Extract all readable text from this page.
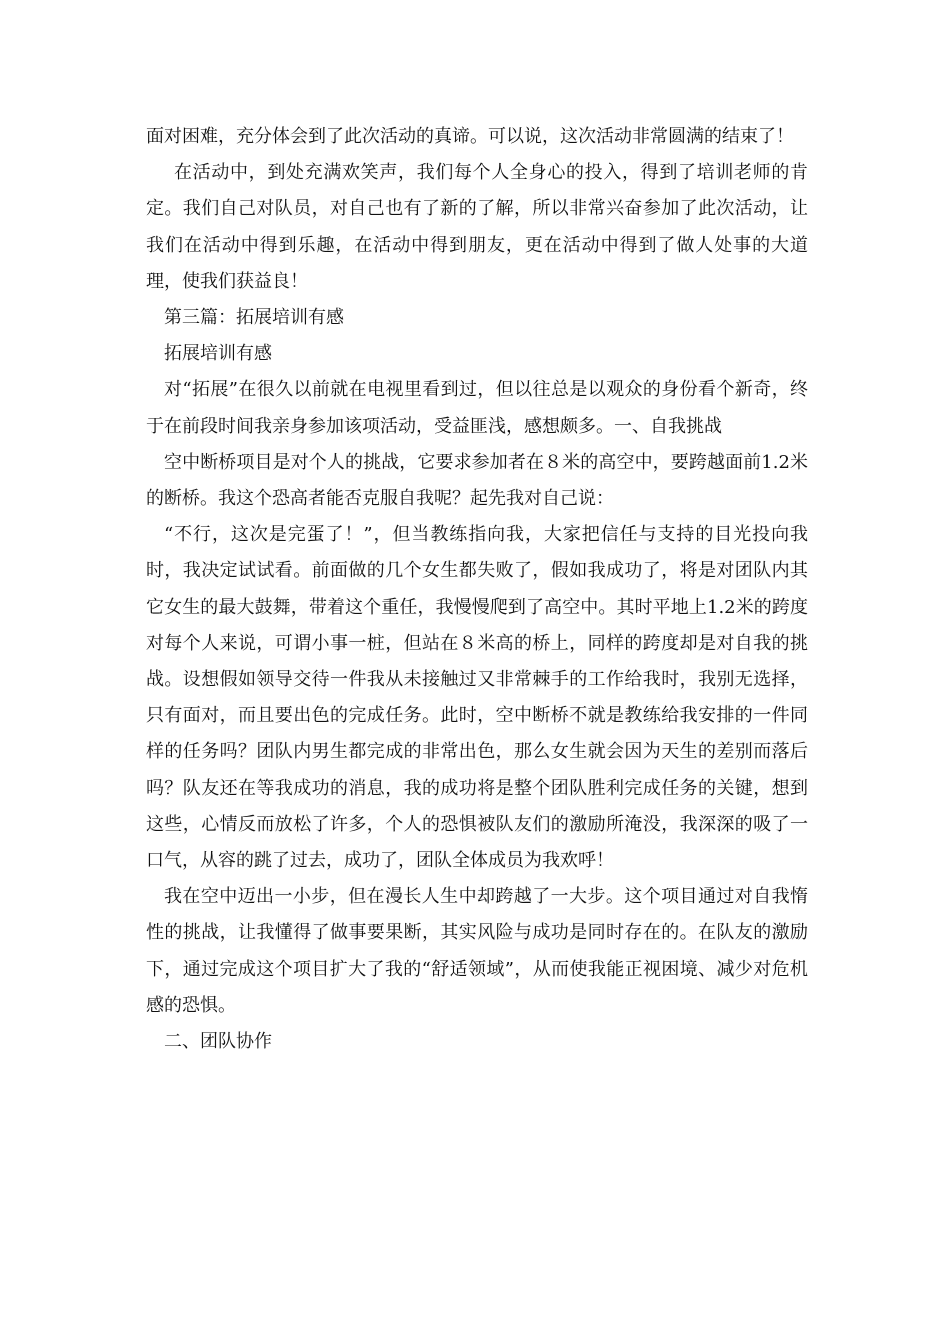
面对困难，充分体会到了此次活动的真谛。可以说，这次活动非常圆满的结束了！

在活动中，到处充满欢笑声，我们每个人全身心的投入，得到了培训老师的肯定。我们自己对队员，对自己也有了新的了解，所以非常兴奋参加了此次活动，让我们在活动中得到乐趣，在活动中得到朋友，更在活动中得到了做人处事的大道理，使我们获益良！

第三篇：拓展培训有感

拓展培训有感

对“拓展”在很久以前就在电视里看到过，但以往总是以观众的身份看个新奇，终于在前段时间我亲身参加该项活动，受益匪浅，感想颇多。一、自我挑战

空中断桥项目是对个人的挑战，它要求参加者在８米的高空中，要跨越面前1.2米的断桥。我这个恐高者能否克服自我呢？起先我对自己说：

“不行，这次是完蛋了！”，但当教练指向我，大家把信任与支持的目光投向我时，我决定试试看。前面做的几个女生都失败了，假如我成功了，将是对团队内其它女生的最大鼓舞，带着这个重任，我慢慢爬到了高空中。其时平地上1.2米的跨度对每个人来说，可谓小事一桩，但站在８米高的桥上，同样的跨度却是对自我的挑战。设想假如领导交待一件我从未接触过又非常棘手的工作给我时，我别无选择，只有面对，而且要出色的完成任务。此时，空中断桥不就是教练给我安排的一件同样的任务吗？团队内男生都完成的非常出色，那么女生就会因为天生的差别而落后吗？队友还在等我成功的消息，我的成功将是整个团队胜利完成任务的关键，想到这些，心情反而放松了许多，个人的恐惧被队友们的激励所淹没，我深深的吸了一口气，从容的跳了过去，成功了，团队全体成员为我欢呼！

我在空中迈出一小步，但在漫长人生中却跨越了一大步。这个项目通过对自我惰性的挑战，让我懂得了做事要果断，其实风险与成功是同时存在的。在队友的激励下，通过完成这个项目扩大了我的“舒适领域”，从而使我能正视困境、减少对危机感的恐惧。

二、团队协作
